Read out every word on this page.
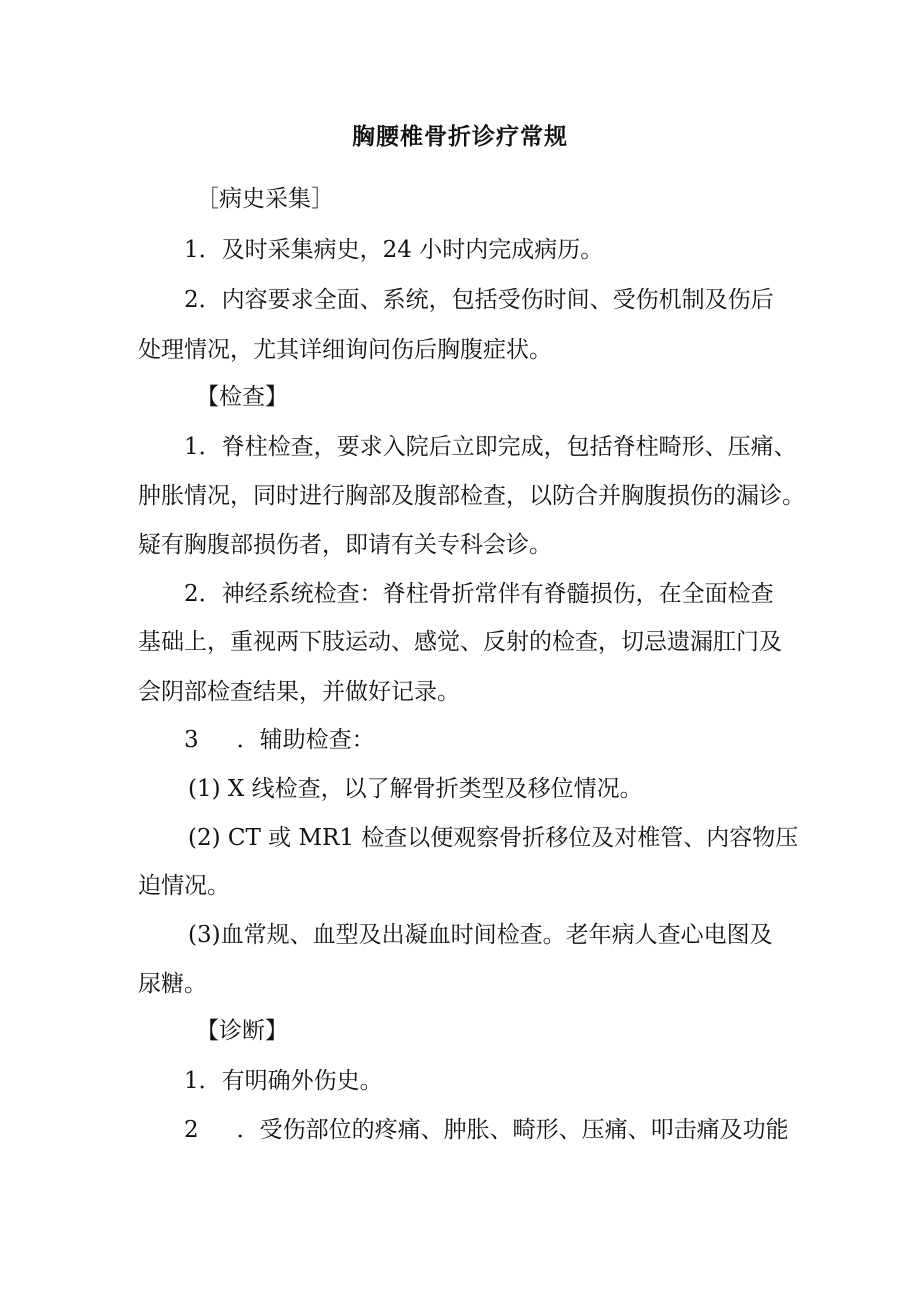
胸腰椎骨折诊疗常规
［病史采集］
1．及时采集病史，24 小时内完成病历。
2．内容要求全面、系统，包括受伤时间、受伤机制及伤后
处理情况，尤其详细询问伤后胸腹症状。
【检查】
1．脊柱检查，要求入院后立即完成，包括脊柱畸形、压痛、
肿胀情况，同时进行胸部及腹部检查，以防合并胸腹损伤的漏诊。
疑有胸腹部损伤者，即请有关专科会诊。
2．神经系统检查：脊柱骨折常伴有脊髓损伤，在全面检查
基础上，重视两下肢运动、感觉、反射的检查，切忌遗漏肛门及
会阴部检查结果，并做好记录。
3 ．辅助检查：
(1) X 线检查，以了解骨折类型及移位情况。
(2) CT 或 MR1 检查以便观察骨折移位及对椎管、内容物压
迫情况。
(3)血常规、血型及出凝血时间检查。老年病人查心电图及
尿糖。
【诊断】
1．有明确外伤史。
2 ．受伤部位的疼痛、肿胀、畸形、压痛、叩击痛及功能
